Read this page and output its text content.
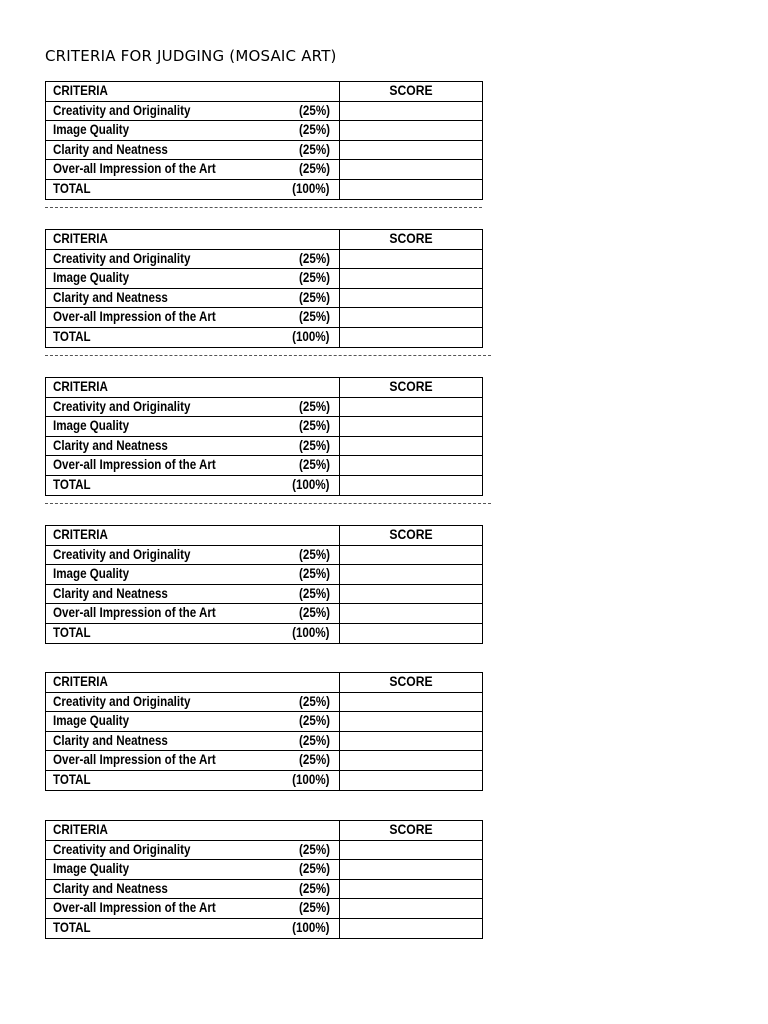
CRITERIA FOR JUDGING (MOSAIC ART)
CRITERIA	SCORE

Creativity and Originality (25%)	

Image Quality (25%)	

Clarity and Neatness (25%)	

Over-all Impression of the Art (25%)	

TOTAL (100%)	

CRITERIA	SCORE

Creativity and Originality (25%)	

Image Quality (25%)	

Clarity and Neatness (25%)	

Over-all Impression of the Art (25%)	

TOTAL (100%)	

CRITERIA	SCORE

Creativity and Originality (25%)	

Image Quality (25%)	

Clarity and Neatness (25%)	

Over-all Impression of the Art (25%)	

TOTAL (100%)	

CRITERIA	SCORE

Creativity and Originality (25%)	

Image Quality (25%)	

Clarity and Neatness (25%)	

Over-all Impression of the Art (25%)	

TOTAL (100%)	

CRITERIA	SCORE

Creativity and Originality (25%)	

Image Quality (25%)	

Clarity and Neatness (25%)	

Over-all Impression of the Art (25%)	

TOTAL (100%)	

CRITERIA	SCORE

Creativity and Originality (25%)	

Image Quality (25%)	

Clarity and Neatness (25%)	

Over-all Impression of the Art (25%)	

TOTAL (100%)	
